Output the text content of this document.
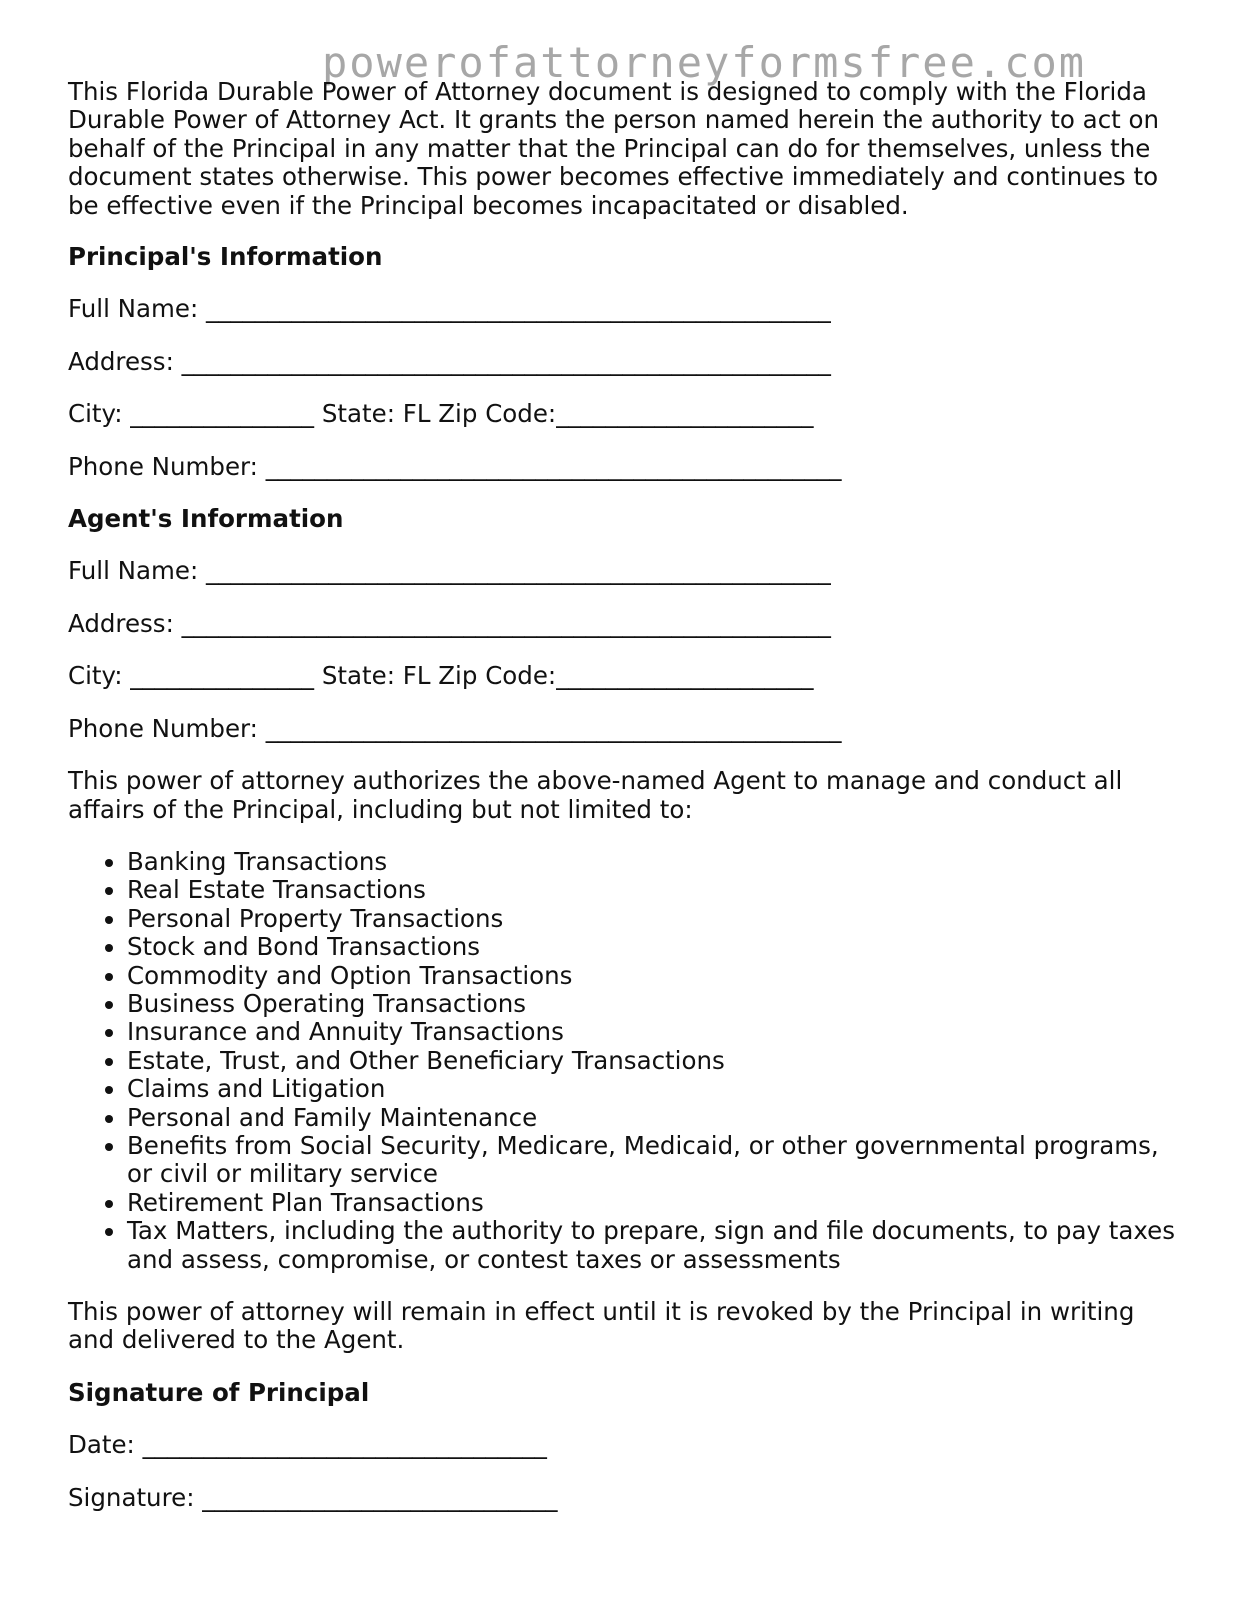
powerofattorneyformsfree.com

This Florida Durable Power of Attorney document is designed to comply with the Florida Durable Power of Attorney Act. It grants the person named herein the authority to act on behalf of the Principal in any matter that the Principal can do for themselves, unless the document states otherwise. This power becomes effective immediately and continues to be effective even if the Principal becomes incapacitated or disabled.

Principal's Information
Full Name: ___________________________________________________
Address: _____________________________________________________
City: _______________ State: FL Zip Code:_____________________
Phone Number: _______________________________________________
Agent's Information
Full Name: ___________________________________________________
Address: _____________________________________________________
City: _______________ State: FL Zip Code:_____________________
Phone Number: _______________________________________________

This power of attorney authorizes the above-named Agent to manage and conduct all affairs of the Principal, including but not limited to:

• Banking Transactions
• Real Estate Transactions
• Personal Property Transactions
• Stock and Bond Transactions
• Commodity and Option Transactions
• Business Operating Transactions
• Insurance and Annuity Transactions
• Estate, Trust, and Other Beneficiary Transactions
• Claims and Litigation
• Personal and Family Maintenance
• Benefits from Social Security, Medicare, Medicaid, or other governmental programs, or civil or military service
• Retirement Plan Transactions
• Tax Matters, including the authority to prepare, sign and file documents, to pay taxes and assess, compromise, or contest taxes or assessments

This power of attorney will remain in effect until it is revoked by the Principal in writing and delivered to the Agent.

Signature of Principal
Date: _________________________________
Signature: _____________________________
